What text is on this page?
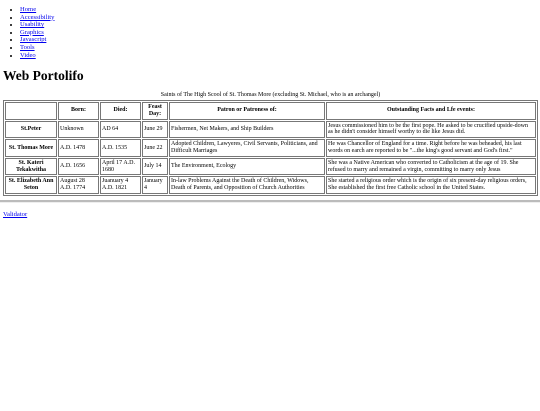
• Home
• Accessibility
• Usability
• Graphics
• Javascript
• Tools
• Video
Web Portolifo
Saints of The High Scool of St. Thomas More (excluding St. Michael, who is an archangel)
	Born:	Died:	Feast Day:	Patron or Patroness of:	Outstanding Facts and Lfe events:
St.Peter	Unknown	AD 64	June 29	Fishermen, Net Makers, and Ship Builders	Jesus commissioned him to be the first pope. He asked to be crucified upside-down as he didn't consider himself worthy to die like Jesus did.
St. Thomas More	A.D. 1478	A.D. 1535	June 22	Adopted Children, Lawyeres, Civil Servants, Politicians, and Difficult Marriages	He was Chancellor of England for a time. Right before he was beheaded, his last words on earch are reported to be "...the king's good servant and God's first."
St. Kateri Tekakwitha	A.D. 1656	April 17 A.D. 1680	July 14	The Environment, Ecology	She was a Native American who converted to Catholicism at the age of 19. She refused to marry and remained a virgin, committing to marry only Jesus
St. Elizabeth Ann Seton	August 28 A.D. 1774	Juanuary 4 A.D. 1821	January 4	In-law Problems Against the Death of Children, Widows, Death of Parents, and Opposition of Church Authorities	She started a religious order which is the origin of six present-day religious orders, She established the first free Catholic school in the United States.
Validator
